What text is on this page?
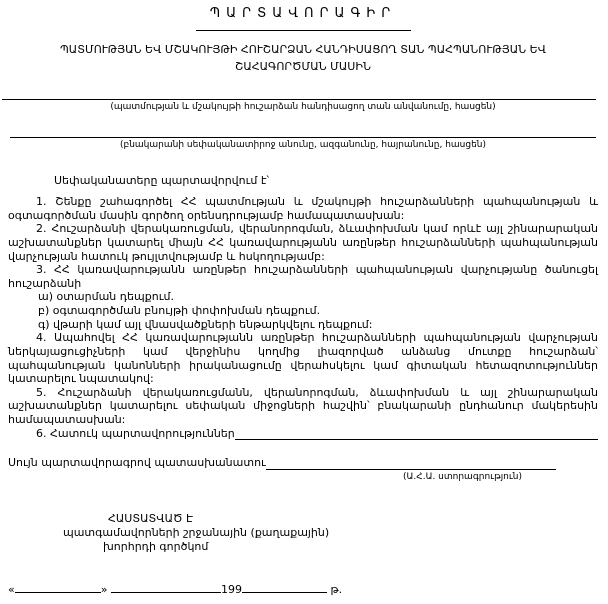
ՊԱՐՏԱՎՈՐԱԳԻՐ
ՊԱՏՄՈՒԹՅԱՆ ԵՎ ՄՇԱԿՈՒՅԹԻ ՀՈՒՇԱՐՁԱՆ ՀԱՆԴԻՍԱՑՈՂ ՏԱՆ ՊԱՀՊԱՆՈՒԹՅԱՆ ԵՎ ՇԱՀԱԳՈՐԾՄԱՆ ՄԱՍԻՆ
(պատմության և մշակույթի հուշարձան հանդիսացող տան անվանումը, հասցեն)
(բնակարանի սեփականատիրոջ անունը, ազգանունը, հայրանունը, հասցեն)

Սեփականատերը պարտավորվում է՝

1. Շենքը շահագործել ՀՀ պատմության և մշակույթի հուշարձանների պահպանության և օգտագործման մասին գործող օրենսդրությամբ համապատասխան:

2. Հուշարձանի վերակառուցման, վերանորոգման, ձևափոխման կամ որևէ այլ շինարարական աշխատանքներ կատարել միայն ՀՀ կառավարությանն առընթեր հուշարձանների պահպանության վարչության հատուկ թույլտվությամբ և հսկողությամբ:

3. ՀՀ կառավարությանն առընթեր հուշարձանների պահպանության վարչությանը ծանուցել հուշարձանի

ա) օտարման դեպքում.

բ) օգտագործման բնույթի փոփոխման դեպքում.

գ) վթարի կամ այլ վնասվածքների ենթարկվելու դեպքում:

4. Ապահովել ՀՀ կառավարությանն առընթեր հուշարձանների պահպանության վարչության ներկայացուցիչների կամ վերջինիս կողմից լիազորված անձանց մուտքը հուշարձան՝ պահպանության կանոնների իրականացումը վերահսկելու կամ գիտական հետազոտություններ կատարելու նպատակով:

5. Հուշարձանի վերակառուցմանն, վերանորոգման, ձևափոխման և այլ շինարարական աշխատանքներ կատարելու սեփական միջոցների հաշվին՝ բնակարանի ընդհանուր մակերեսին համապատասխան:

6. Հատուկ պարտավորություններ
Սույն պարտավորագրով պատասխանատու
(Ա.Հ.Ա. ստորագրություն)
ՀԱՍՏԱՏՎԱԾ Է
պատգամավորների շրջանային (քաղաքային)
խորհրդի գործկոմ
«	»	199	թ.
